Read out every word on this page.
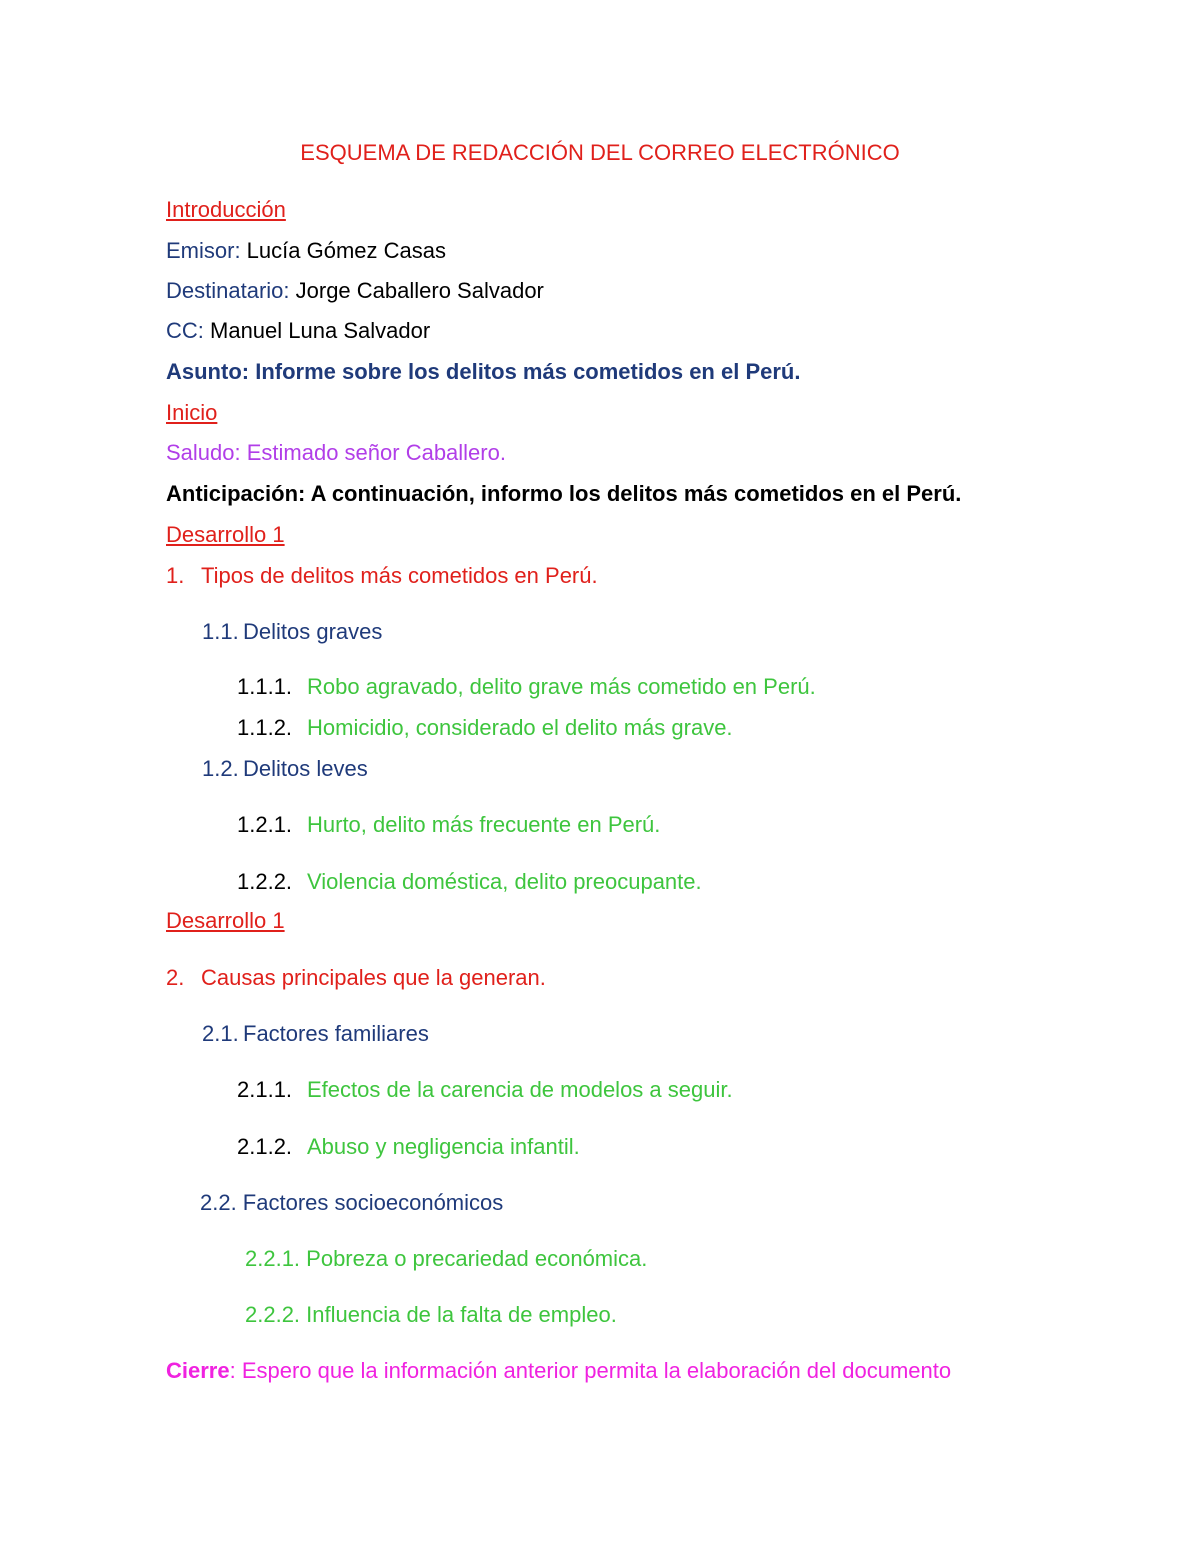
ESQUEMA DE REDACCIÓN DEL CORREO ELECTRÓNICO
Introducción
Emisor: Lucía Gómez Casas
Destinatario: Jorge Caballero Salvador
CC: Manuel Luna Salvador
Asunto: Informe sobre los delitos más cometidos en el Perú.
Inicio
Saludo: Estimado señor Caballero.
Anticipación: A continuación, informo los delitos más cometidos en el Perú.
Desarrollo 1
1. Tipos de delitos más cometidos en Perú.
1.1. Delitos graves
1.1.1. Robo agravado, delito grave más cometido en Perú.
1.1.2. Homicidio, considerado el delito más grave.
1.2. Delitos leves
1.2.1. Hurto, delito más frecuente en Perú.
1.2.2. Violencia doméstica, delito preocupante.
Desarrollo 1
2. Causas principales que la generan.
2.1. Factores familiares
2.1.1. Efectos de la carencia de modelos a seguir.
2.1.2. Abuso y negligencia infantil.
2.2. Factores socioeconómicos
2.2.1. Pobreza o precariedad económica.
2.2.2. Influencia de la falta de empleo.
Cierre: Espero que la información anterior permita la elaboración del documento
